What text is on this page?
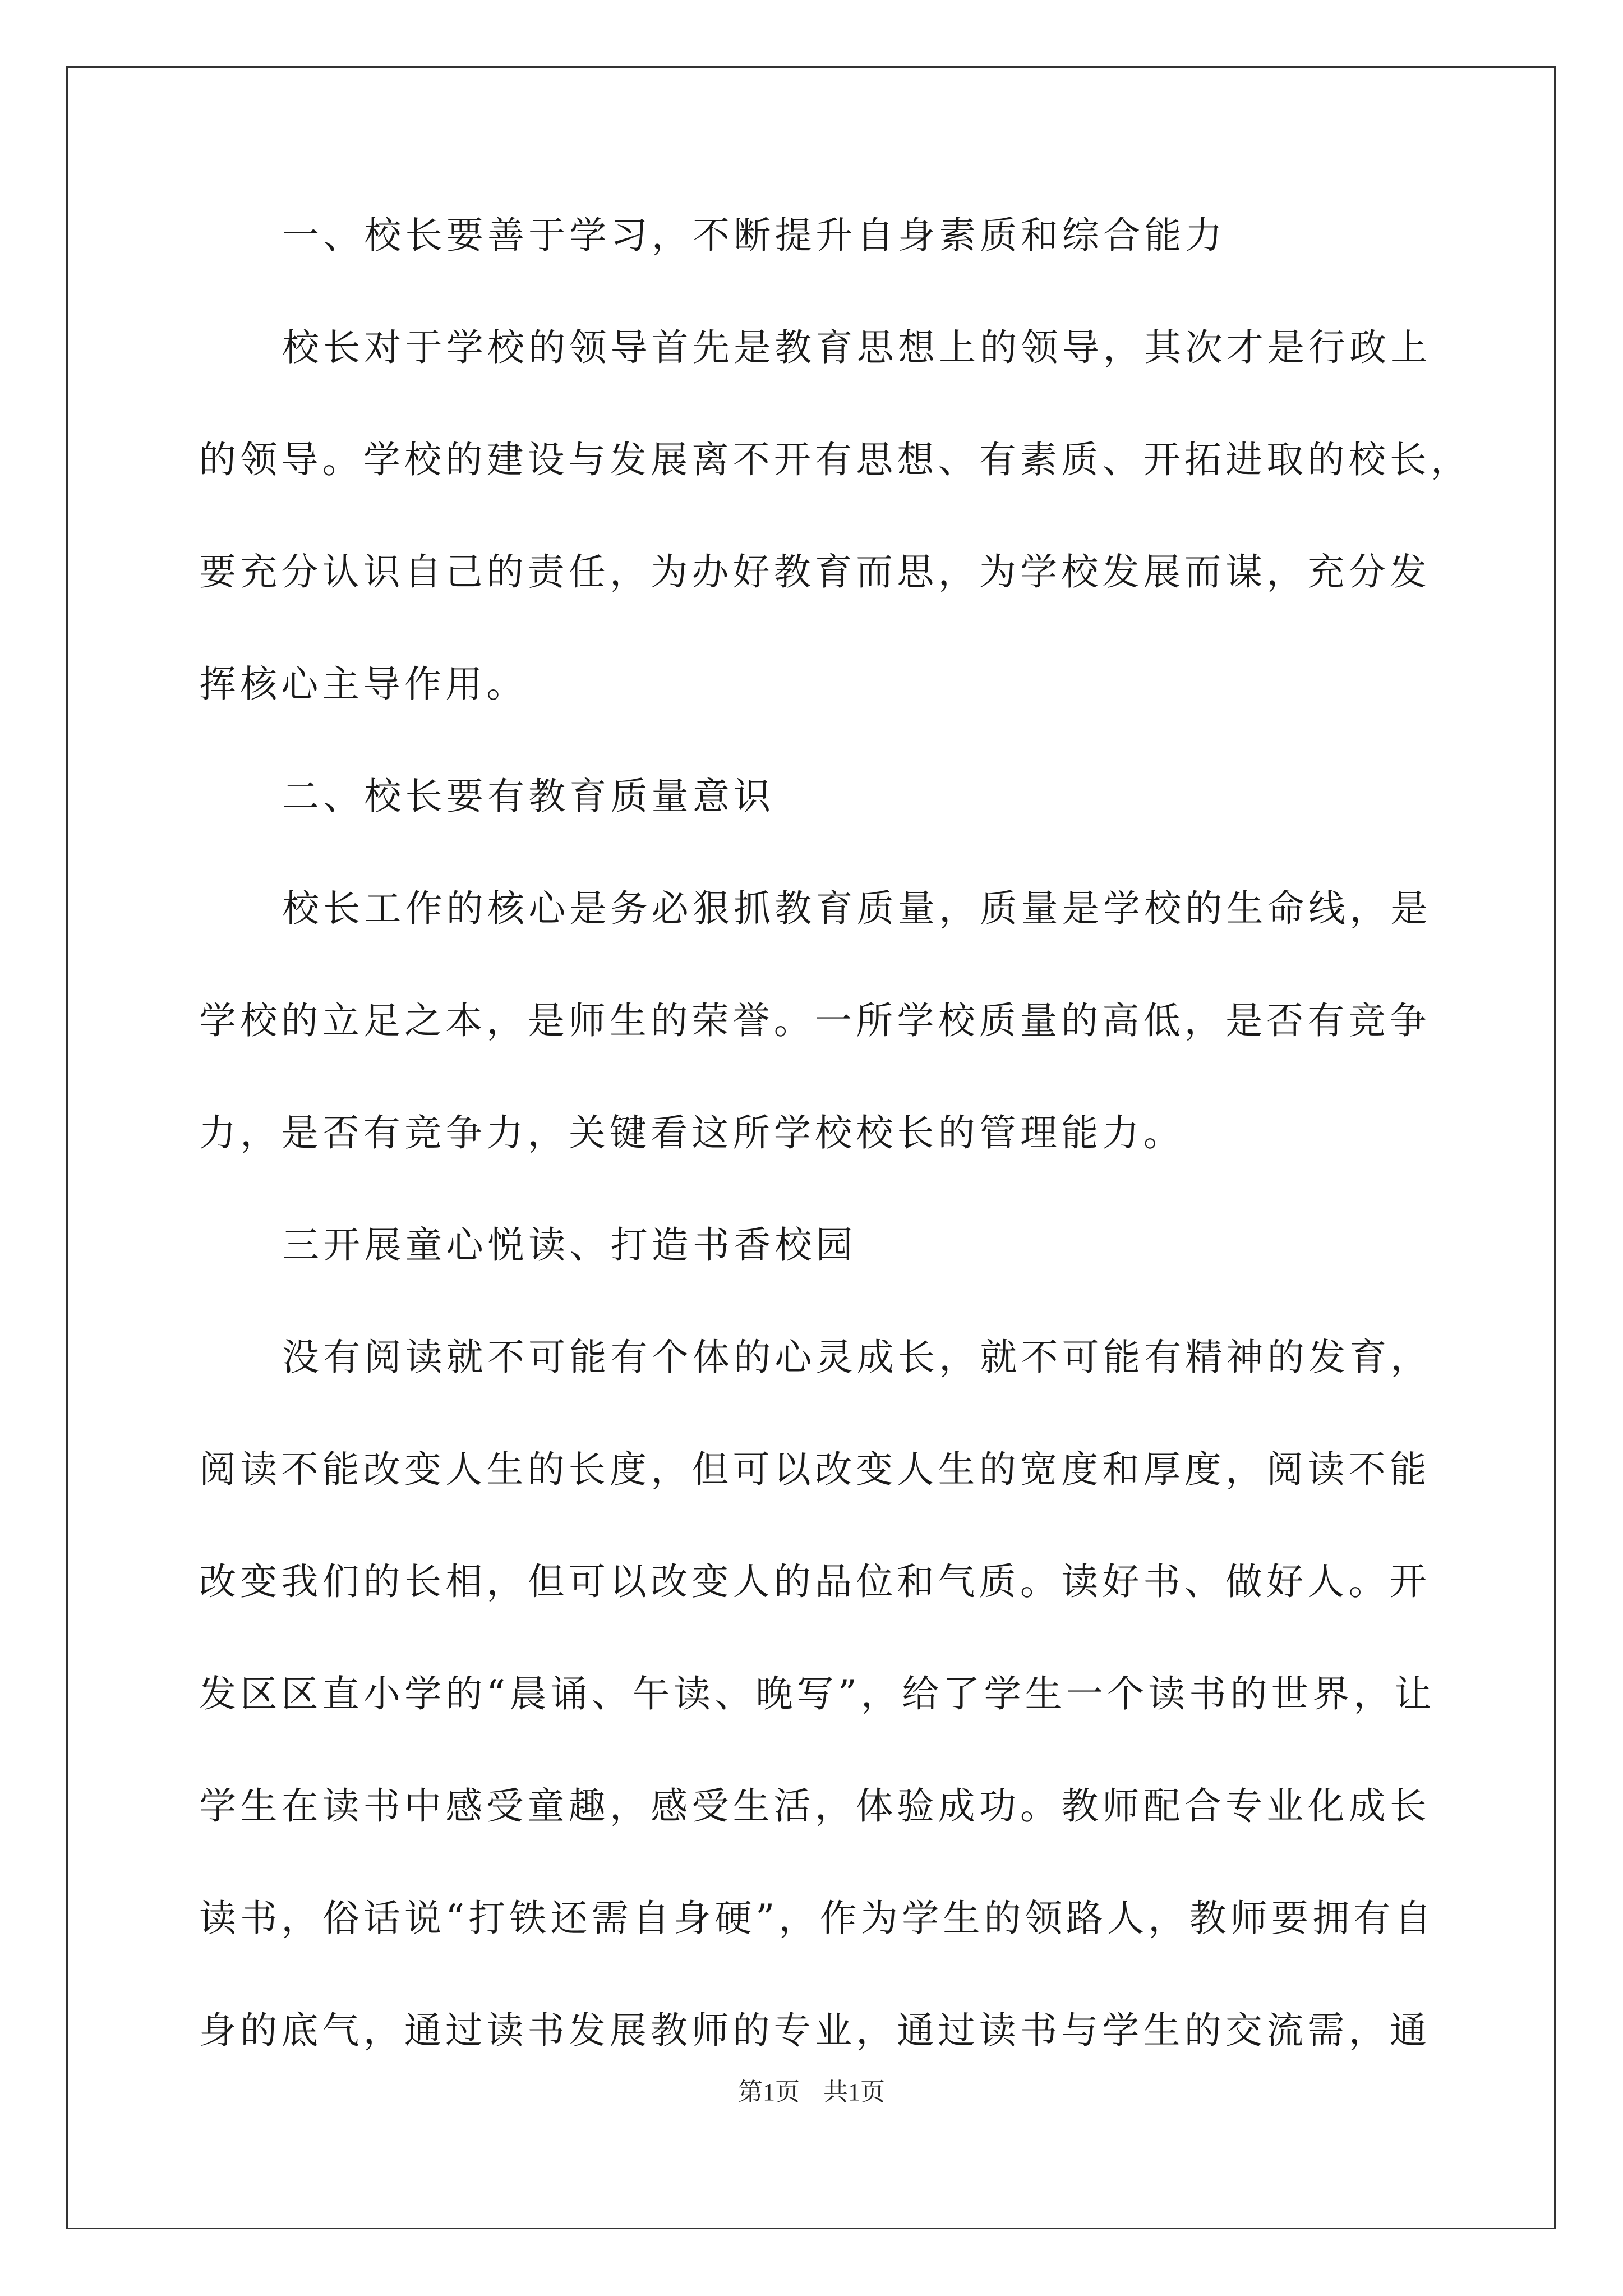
一、校长要善于学习，不断提升自身素质和综合能力
校长对于学校的领导首先是教育思想上的领导，其次才是行政上
的领导。学校的建设与发展离不开有思想、有素质、开拓进取的校长，
要充分认识自己的责任，为办好教育而思，为学校发展而谋，充分发
挥核心主导作用。
二、校长要有教育质量意识
校长工作的核心是务必狠抓教育质量，质量是学校的生命线，是
学校的立足之本，是师生的荣誉。一所学校质量的高低，是否有竞争
力，是否有竞争力，关键看这所学校校长的管理能力。
三开展童心悦读、打造书香校园
没有阅读就不可能有个体的心灵成长，就不可能有精神的发育，
阅读不能改变人生的长度，但可以改变人生的宽度和厚度，阅读不能
改变我们的长相，但可以改变人的品位和气质。读好书、做好人。开
发区区直小学的“晨诵、午读、晚写”，给了学生一个读书的世界，让
学生在读书中感受童趣，感受生活，体验成功。教师配合专业化成长
读书，俗话说“打铁还需自身硬”，作为学生的领路人，教师要拥有自
身的底气，通过读书发展教师的专业，通过读书与学生的交流需，通
第1页 共1页
